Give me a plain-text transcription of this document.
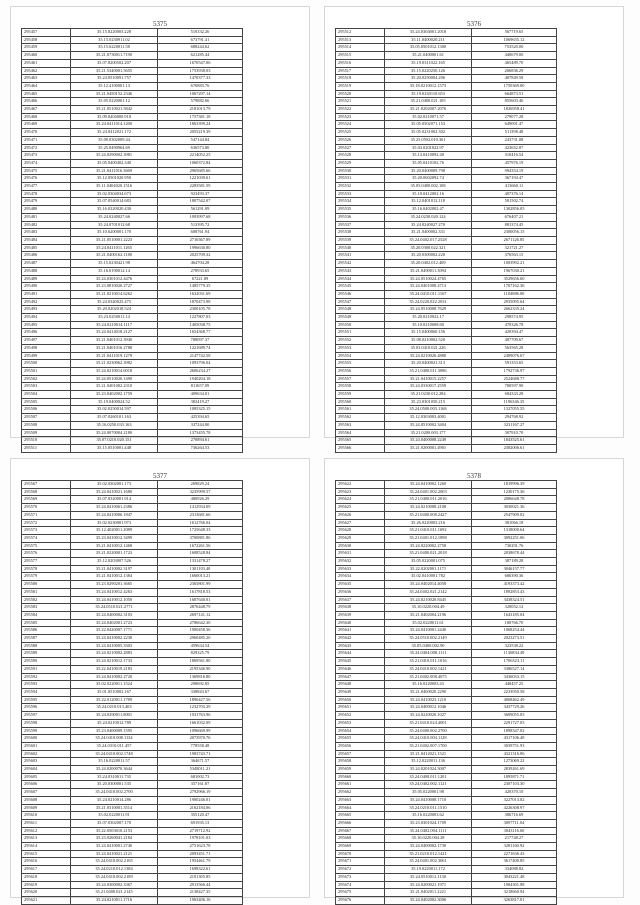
5375
295457	35.15.8220003.228	510332.26
295458	35.15.0230911.02	673791.41
295459	35.15.6220011.58	688244.62
295460	35.21.0730011.7190	621285.44
295461	35.07.8200502.207	1670547.06
295462	35.21.5340001.5655	1753938.03
295463	35.24.0510091.757	1470377.33
295464	35.12.4100001.13	676883.76
295465	35.21.0450152.2346	1067297.14
295466	35.05.0220001.12	579882.66
295467	35.21.0510021.5842	2181013.79
295468	35.09.0404000.918	1757381.18
295469	35.24.0411014.1200	1863399.24
295470	35.24.0412021.172	2055219.39
295471	35.09.0302009.44	547144.84
295472	35.25.0490964.69	636573.80
295473	35.24.0290002.3981	2214052.25
295474	35.05.0400402.340	1060372.84
295475	35.21.0411016.3669	2965685.66
295476	35.12.0501020.950	1221039.61
295477	35.11.0404020.1516	2283581.59
295478	35.02.0304034.673	923493.37
295479	35.07.0540014.683	1807542.07
295480	35.16.0220020.430	561291.09
295481	35.24.0240027.66	1093997.68
295482	35.24.0701012.68	513395.72
295483	35.10.6200001.170	608761.94
295484	35.21.0510001.2223	2716367.89
295485	35.24.0411011.1265	1996630.80
295486	35.21.0400162.1180	2025709.32
295487	35.15.0230421.98	464704.28
295488	35.16.0190012.14	278933.65
295489	35.24.0301012.4476	67221.89
295490	35.23.0810020.2727	1485779.35
295491	35.21.0210014.6262	1632031.69
295492	35.24.0340025.475	1870473.98
295493	35.20.0202018.524	2300105.78
295494	35.23.0250011.14	1227807.03
295495	35.24.0210014.1117	1405038.75
295496	35.24.0414018.2127	1654368.77
295497	35.21.0401012.3940	788097.37
295498	35.21.0401016.2788	1221689.74
295499	35.21.0411019.1279	2147742.58
295500	35.21.0230062.3982	1093796.04
295501	35.24.0210014.6018	2606234.27
295502	35.24.0510020.1490	1940204.18
295503	35.21.0401002.2310	811657.09
295504	35.23.0402002.1759	409634.01
295505	35.19.0400024.52	382419.27
295506	35.02.0250014.597	1085325.15
295507	35.07.0260101.163	425394.65
295508	35.16.0250.033.163	337244.80
295509	35.24.0070004.2180	1373455.78
295510	35.07.0210.020.151	270894.61
295511	35.15.0510001.448	736264.53
5376
295512	35.24.0304001.2018	567719.65
295513	35.11.0400020.211	1069635.12
295514	35.05.0501012.1300	753520.00
295515	35.21.0400001.61	440679.00
295516	35.19.0311022.165	465489.70
295517	35.15.0220250.126	266836.29
295518	35.20.0250004.206	407849.58
295519	35.18.0210012.1573	1750369.00
295520	35.19.0230110.653	664873.51
295521	35.21.0400.021.105	855603.46
295522	35.21.0202007.2076	1826958.41
295523	35.02.0210071.57	279077.28
295524	35.05.0502071.153	649001.47
295525	35.05.0231002.302	511398.48
295526	35.25.0502.010.361	243731.08
295527	35.03.0201022.97	423652.87
295528	35.13.0410092.40	310416.54
295529	35.05.0410102.76	457976.19
295530	35.20.0400009.798	994354.19
295531	35.20.0602092.74	367194.47
295532	35.05.0400.002.108	413660.11
295533	35.10.0412002.16	407376.14
295534	35.12.0401012.118	501502.74
295535	35.16.0402002.47	1302856.05
295536	35.24.0230.020.124	676407.21
295537	35.24.0240027.270	881374.45
295538	35.21.0400002.331	2300056.15
295539	35.24.0402.017.2528	2671126.85
295540	35.20.0300.022.321	321721.27
295541	35.20.0300002.220	376563.15
295542	35.20.0402.012.469	1003992.21
295543	35.21.0490011.3094	1967030.21
295544	35.24.0510024.4765	3529656.60
295545	35.24.0401008.4713	1707162.36
295546	35.24.0410.011.1167	1104886.00
295547	35.24.0220.022.2031	2935095.64
295548	35.24.0510008.7629	2662335.24
295549	35.20.0210022.17	298574.95
295550	35.10.0210008.60	470326.78
295551	35.15.0400060.156	420394.47
295552	35.08.0210002.520	487709.67
295553	35.03.0410.021.226	563565.28
295554	35.24.0210020.4880	2489076.67
295555	35.20.0400021.313	591353.65
295556	35.21.0400.011.3086	1792736.97
295557	35.21.0410015.2257	2524688.77
295558	35.24.0330017.2559	780597.90
295559	35.21.0230.012.284	684333.28
295560	35.23.0301050.215	1196346.35
295561	35.24.0500.003.1168	1327055.55
295562	35.12.0303003.4001	294768.92
295563	35.24.0510002.3404	3231167.27
295564	35.21.0200.003.177	307910.70
295565	35.24.0400008.2249	1843525.61
295566	35.21.0200001.4901	2382006.61
5377
295567	35.02.0302001.173	269829.24
295568	35.24.0410021.1680	3235999.57
295569	35.07.0320001.914	480926.29
295570	35.24.0410061.2386	1412934.09
295571	35.24.0410006.1847	2313681.66
295572	35.02.0230001.973	1612766.04
295573	35.12.4020011.2089	1725648.33
295574	35.23.0410012.3499	3700881.86
295575	35.21.0410012.1468	1672261.56
295576	35.21.0220001.1723	1608528.84
295577	35.12.0203007.526	1331478.27
295578	35.21.0410002.3197	1301103.40
295579	35.21.0410012.1384	1660013.21
295580	35.23.0290201.3665	2365801.99
295581	35.24.0410012.4263	1617818.53
295582	35.24.0410012.1050	1687640.01
295583	35.24.0510.021.2771	2876448.79
295584	35.24.0400002.3103	2697141.12
295585	35.24.0402001.2723	2786642.30
295586	35.22.0420007.1771	1900458.36
295587	35.24.0410002.2238	2960485.20
295588	35.24.0410005.3303	459634.54
295589	35.24.0210002.2883	829325.79
295590	35.24.0210012.1733	1869561.80
295591	35.22.0410019.2183	2195346.90
295592	35.24.0410002.2720	1369816.80
295593	35.02.0220011.1524	298692.85
295594	35.01.0510002.167	338843.67
295595	35.22.0120011.1789	1890427.56
295596	35.24.0210.013.403	1232703.29
295597	35.24.0290011.8001	1031763.96
295598	35.24.0210012.789	1661032.09
295599	35.23.0400009.1595	1096669.99
295600	35.24.0410.008.1134	2073970.76
295601	35.24.0310.011.457	778558.48
295602	35.24.0410.002.1748	1983743.71
295603	35.16.0220011.57	364671.57
295604	35.24.0200070.3644	5348011.21
295605	35.24.0310011.735	681002.73
295606	35.20.0300001.535	357161.87
295607	35.24.0410.002.2700	2792966.19
295608	35.24.0210014.286	1900246.01
295609	35.21.0310001.3514	2162184.06
295610	35.02.0220011.91	355120.47
295611	35.07.0302007.170	691935.13
295612	35.22.0503010.2153	2719712.92
295613	35.23.0260041.2184	1978101.03
295614	35.24.0410001.2740	2751623.78
295615	35.24.0410021.2121	2093451.71
295616	35.24.0410.002.2165	1954461.79
295617	35.24.0210.012.1384	1698322.61
295618	35.24.0410.002.2189	2101305.85
295619	35.24.0300002.3367	2913566.44
295620	35.21.0400.021.2145	2138427.35
295621	35.24.0210011.1716	1963406.16
5378
295622	35.24.0410002.1260	1819996.39
295623	35.24.0401.002.2003	1230175.36
295624	35.21.0400.011.2016	2086648.78
295625	35.24.0210008.2108	3030021.36
295626	35.21.0400.008.2427	2547909.02
295627	35.26.0220003.216	381066.18
295628	35.21.0410.011.1692	1318000.64
295629	35.21.0401.012.1898	3092251.06
295630	35.24.0220002.2758	730291.76
295631	35.21.0400.021.2018	2038678.44
295632	35.05.0220001.075	387189.28
295633	35.22.0202001.1171	3046157.77
295634	35.02.0410001.782	686390.36
295635	35.24.0402014.4058	4193373.42
295636	35.24.0402.021.2142	1892853.43
295637	35.24.0210020.8445	3438324.51
295638	35.10.0220.004.49	320052.12
295639	35.21.0402004.2196	1643185.04
295640	35.02.0220011.61	180766.70
295641	35.24.0410001.2440	1068254.44
295642	35.24.0510.002.2149	2023273.51
295643	35.05.0400.002.90	323538.22
295644	35.24.0404.008.1111	1136834.49
295645	35.21.0410.011.1016	1706323.11
295646	35.24.0410.002.1421	3386527.14
295647	35.21.0402.008.4075	3436033.15
295648	35.16.0220003.43	448457.25
295649	35.21.0400020.2290	2233950.58
295650	35.24.0410023.1210	4068462.49
295651	35.24.0400012.1046	3437729.26
295652	35.24.0220020.1027	3609055.05
295653	35.21.0410.024.4001	2291727.03
295654	35.24.0400.002.2700	1898347.02
295655	35.24.0410.004.1128	4317106.48
295656	35.21.0402.007.1700	3039751.93
295657	35.21.0412021.1521	4321316.06
295658	35.12.0220011.136	1273069.22
295659	35.24.0201024.3007	2839261.69
295660	35.24.0400.011.1201	1895871.71
295661	35.24.0402.002.1121	2307103.30
295662	35.05.0220001.98	420370.10
295663	35.24.0410008.1710	3227013.02
295664	35.24.0210.011.1510	4226308.97
295665	35.16.0220003.62	386716.69
295666	35.23.0301024.1709	3097711.04
295667	35.24.0402.004.1111	3043116.60
295668	35.10.0220.004.28	217748.27
295669	35.24.0400002.1730	3281160.92
295670	35.21.0210.012.1421	2271636.43
295671	35.24.0401.002.3061	3617400.85
295672	35.19.0220011.172	334088.82
295673	35.24.0510012.1130	3043221.48
295674	35.24.0200021.1971	1904301.98
295675	35.21.0402011.2221	3218660.94
295676	35.24.0402002.3006	3263817.01
